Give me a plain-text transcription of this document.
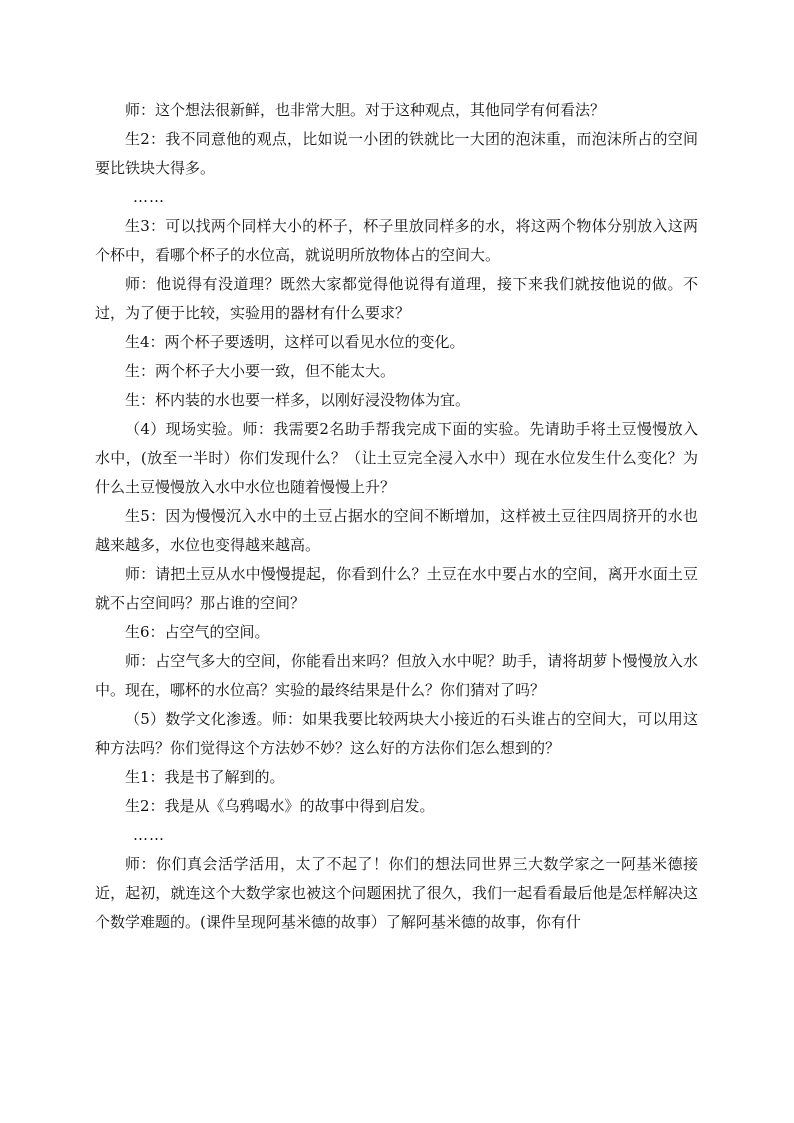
师：这个想法很新鲜，也非常大胆。对于这种观点，其他同学有何看法？

生2：我不同意他的观点，比如说一小团的铁就比一大团的泡沫重，而泡沫所占的空间要比铁块大得多。

……

生3：可以找两个同样大小的杯子，杯子里放同样多的水，将这两个物体分别放入这两个杯中，看哪个杯子的水位高，就说明所放物体占的空间大。

师：他说得有没道理？既然大家都觉得他说得有道理，接下来我们就按他说的做。不过，为了便于比较，实验用的器材有什么要求？

生4：两个杯子要透明，这样可以看见水位的变化。

生：两个杯子大小要一致，但不能太大。

生：杯内装的水也要一样多，以刚好浸没物体为宜。

（4）现场实验。师：我需要2名助手帮我完成下面的实验。先请助手将土豆慢慢放入水中，(放至一半时）你们发现什么？（让土豆完全浸入水中）现在水位发生什么变化？为什么土豆慢慢放入水中水位也随着慢慢上升？

生5：因为慢慢沉入水中的土豆占据水的空间不断增加，这样被土豆往四周挤开的水也越来越多，水位也变得越来越高。

师：请把土豆从水中慢慢提起，你看到什么？土豆在水中要占水的空间，离开水面土豆就不占空间吗？那占谁的空间？

生6：占空气的空间。

师：占空气多大的空间，你能看出来吗？但放入水中呢？助手，请将胡萝卜慢慢放入水中。现在，哪杯的水位高？实验的最终结果是什么？你们猜对了吗？

（5）数学文化渗透。师：如果我要比较两块大小接近的石头谁占的空间大，可以用这种方法吗？你们觉得这个方法妙不妙？这么好的方法你们怎么想到的？

生1：我是书了解到的。

生2：我是从《乌鸦喝水》的故事中得到启发。

……

师：你们真会活学活用，太了不起了！你们的想法同世界三大数学家之一阿基米德接近，起初，就连这个大数学家也被这个问题困扰了很久，我们一起看看最后他是怎样解决这个数学难题的。(课件呈现阿基米德的故事）了解阿基米德的故事，你有什
